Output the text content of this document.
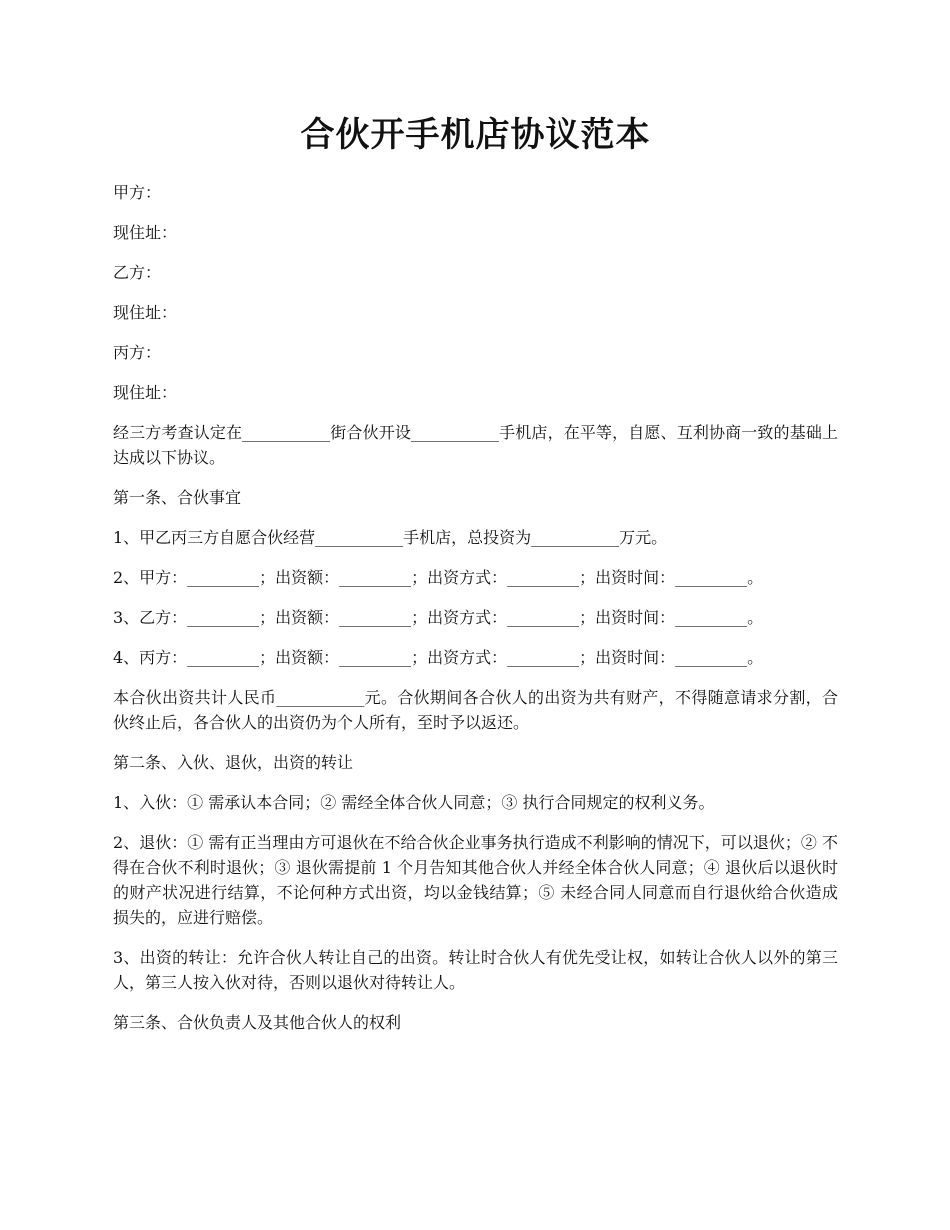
合伙开手机店协议范本

甲方：

现住址：

乙方：

现住址：

丙方：

现住址：

经三方考查认定在___________街合伙开设___________手机店，在平等，自愿、互利协商一致的基础上达成以下协议。

第一条、合伙事宜

1、甲乙丙三方自愿合伙经营___________手机店，总投资为___________万元。

2、甲方：_________；出资额：_________；出资方式：_________；出资时间：_________。

3、乙方：_________；出资额：_________；出资方式：_________；出资时间：_________。

4、丙方：_________；出资额：_________；出资方式：_________；出资时间：_________。

本合伙出资共计人民币___________元。合伙期间各合伙人的出资为共有财产，不得随意请求分割，合伙终止后，各合伙人的出资仍为个人所有，至时予以返还。

第二条、入伙、退伙，出资的转让

1、入伙：① 需承认本合同；② 需经全体合伙人同意；③ 执行合同规定的权利义务。

2、退伙：① 需有正当理由方可退伙在不给合伙企业事务执行造成不利影响的情况下，可以退伙；② 不得在合伙不利时退伙；③ 退伙需提前 1 个月告知其他合伙人并经全体合伙人同意；④ 退伙后以退伙时的财产状况进行结算，不论何种方式出资，均以金钱结算；⑤ 未经合同人同意而自行退伙给合伙造成损失的，应进行赔偿。

3、出资的转让：允许合伙人转让自己的出资。转让时合伙人有优先受让权，如转让合伙人以外的第三人，第三人按入伙对待，否则以退伙对待转让人。

第三条、合伙负责人及其他合伙人的权利
